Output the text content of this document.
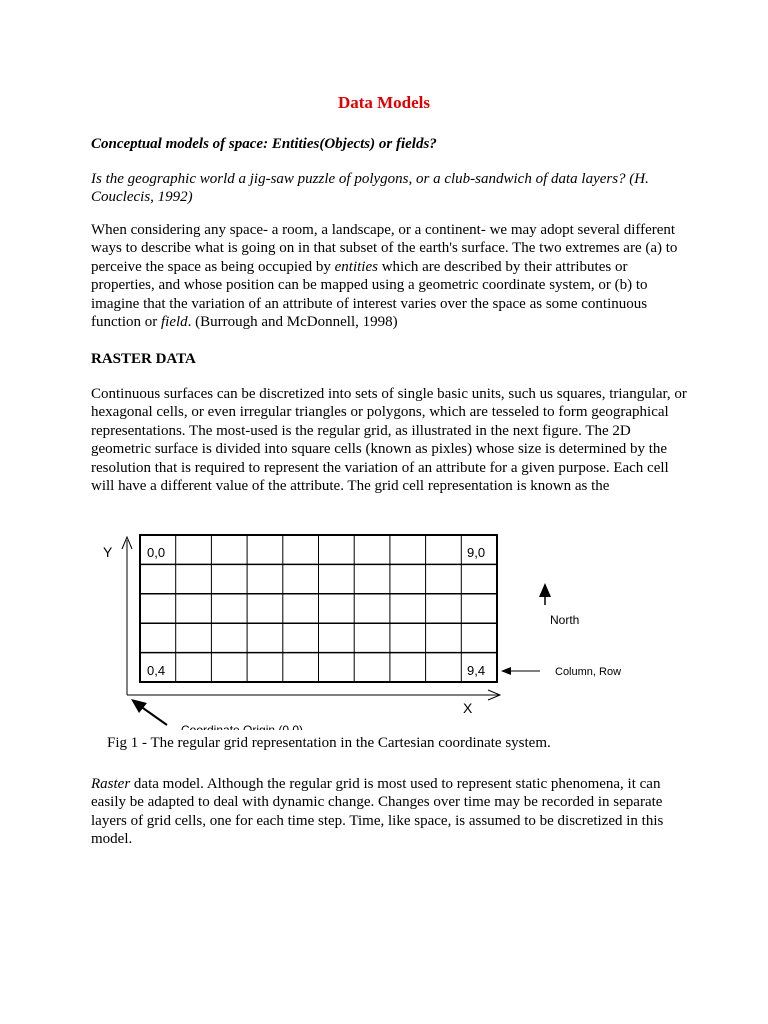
Data Models

Conceptual models of space: Entities(Objects) or fields?

Is the geographic world a jig-saw puzzle of polygons, or a club-sandwich of data layers? (H. Couclecis, 1992)

When considering any space- a room, a landscape, or a continent- we may adopt several different ways to describe what is going on in that subset of the earth's surface. The two extremes are (a) to perceive the space as being occupied by entities which are described by their attributes or properties, and whose position can be mapped using a geometric coordinate system, or (b) to imagine that the variation of an attribute of interest varies over the space as some continuous function or field. (Burrough and McDonnell, 1998)

RASTER DATA

Continuous surfaces can be discretized into sets of single basic units, such us squares, triangular, or hexagonal cells, or even irregular triangles or polygons, which are tesseled to form geographical representations. The most-used is the regular grid, as illustrated in the next figure. The 2D geometric surface is divided into square cells (known as pixles) whose size is determined by the resolution that is required to represent the variation of an attribute for a given purpose. Each cell will have a different value of the attribute. The grid cell representation is known as the

Y
X
0,0	9,0
0,4	9,4
North
Column, Row
Coordinate Origin (0,0)
Fig 1 - The regular grid representation in the Cartesian coordinate system.

Raster data model. Although the regular grid is most used to represent static phenomena, it can easily be adapted to deal with dynamic change. Changes over time may be recorded in separate layers of grid cells, one for each time step. Time, like space, is assumed to be discretized in this model.
